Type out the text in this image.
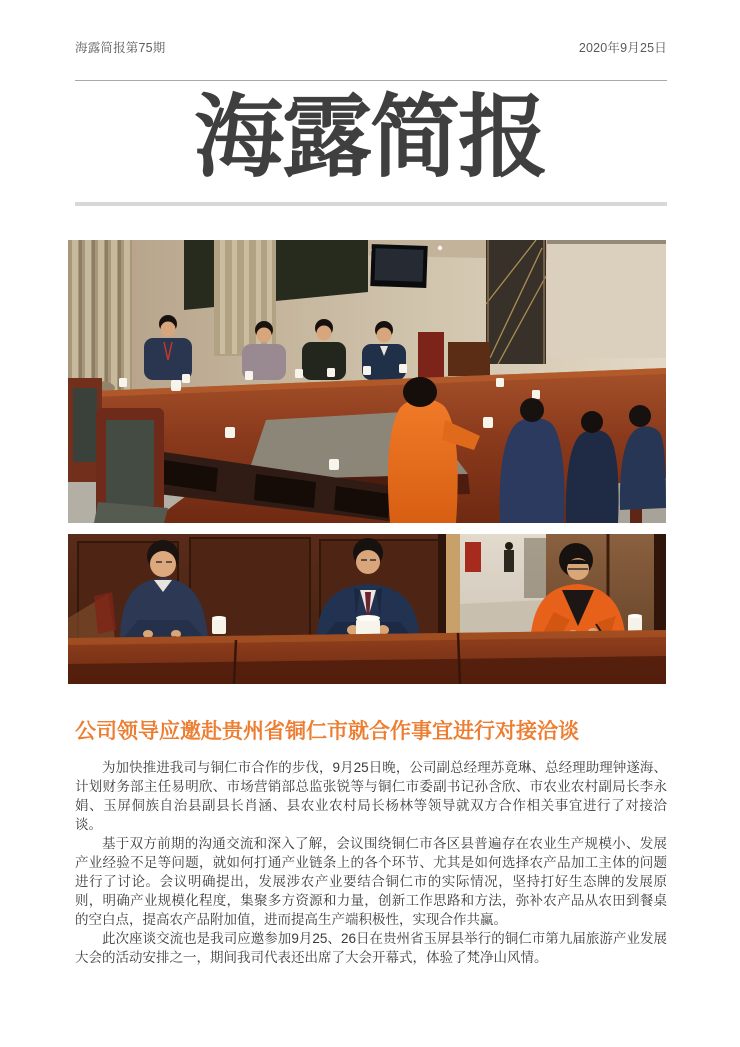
海露简报第75期	2020年9月25日
海露简报
公司领导应邀赴贵州省铜仁市就合作事宜进行对接洽谈

为加快推进我司与铜仁市合作的步伐，9月25日晚，公司副总经理苏竟琳、总经理助理钟遂海、计划财务部主任易明欣、市场营销部总监张锐等与铜仁市委副书记孙含欣、市农业农村副局长李永娟、玉屏侗族自治县副县长肖涵、县农业农村局长杨林等领导就双方合作相关事宜进行了对接洽谈。

基于双方前期的沟通交流和深入了解，会议围绕铜仁市各区县普遍存在农业生产规模小、发展产业经验不足等问题，就如何打通产业链条上的各个环节、尤其是如何选择农产品加工主体的问题进行了讨论。会议明确提出，发展涉农产业要结合铜仁市的实际情况，坚持打好生态牌的发展原则，明确产业规模化程度，集聚多方资源和力量，创新工作思路和方法，弥补农产品从农田到餐桌的空白点，提高农产品附加值，进而提高生产端积极性，实现合作共赢。

此次座谈交流也是我司应邀参加9月25、26日在贵州省玉屏县举行的铜仁市第九届旅游产业发展大会的活动安排之一，期间我司代表还出席了大会开幕式，体验了梵净山风情。
